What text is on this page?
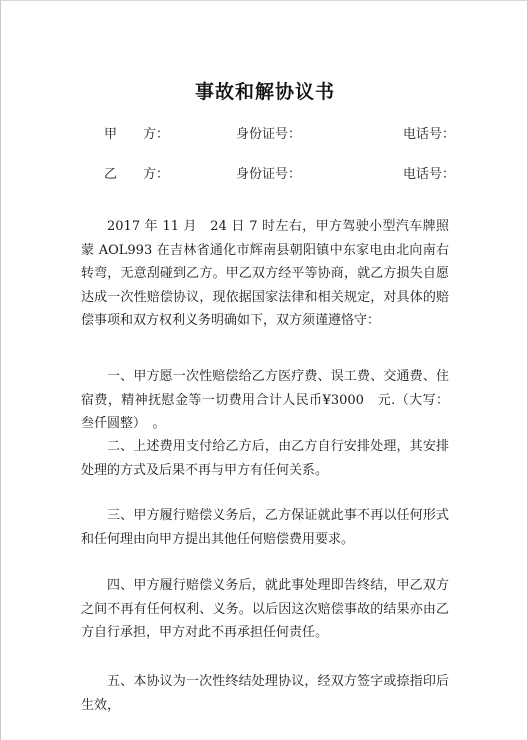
事故和解协议书
甲　　方：	身份证号：	电话号：
乙　　方：	身份证号：	电话号：

2017 年 11 月　24 日 7 时左右，甲方驾驶小型汽车牌照蒙 AOL993 在吉林省通化市辉南县朝阳镇中东家电由北向南右转弯，无意刮碰到乙方。甲乙双方经平等协商，就乙方损失自愿达成一次性赔偿协议，现依据国家法律和相关规定，对具体的赔偿事项和双方权利义务明确如下，双方须谨遵恪守：

一、甲方愿一次性赔偿给乙方医疗费、误工费、交通费、住宿费，精神抚慰金等一切费用合计人民币¥3000　元.（大写：叁仟圆整）　。

二、上述费用支付给乙方后，由乙方自行安排处理，其安排处理的方式及后果不再与甲方有任何关系。

三、甲方履行赔偿义务后，乙方保证就此事不再以任何形式和任何理由向甲方提出其他任何赔偿费用要求。

四、甲方履行赔偿义务后，就此事处理即告终结，甲乙双方之间不再有任何权利、义务。以后因这次赔偿事故的结果亦由乙方自行承担，甲方对此不再承担任何责任。

五、本协议为一次性终结处理协议，经双方签字或捺指印后生效，
